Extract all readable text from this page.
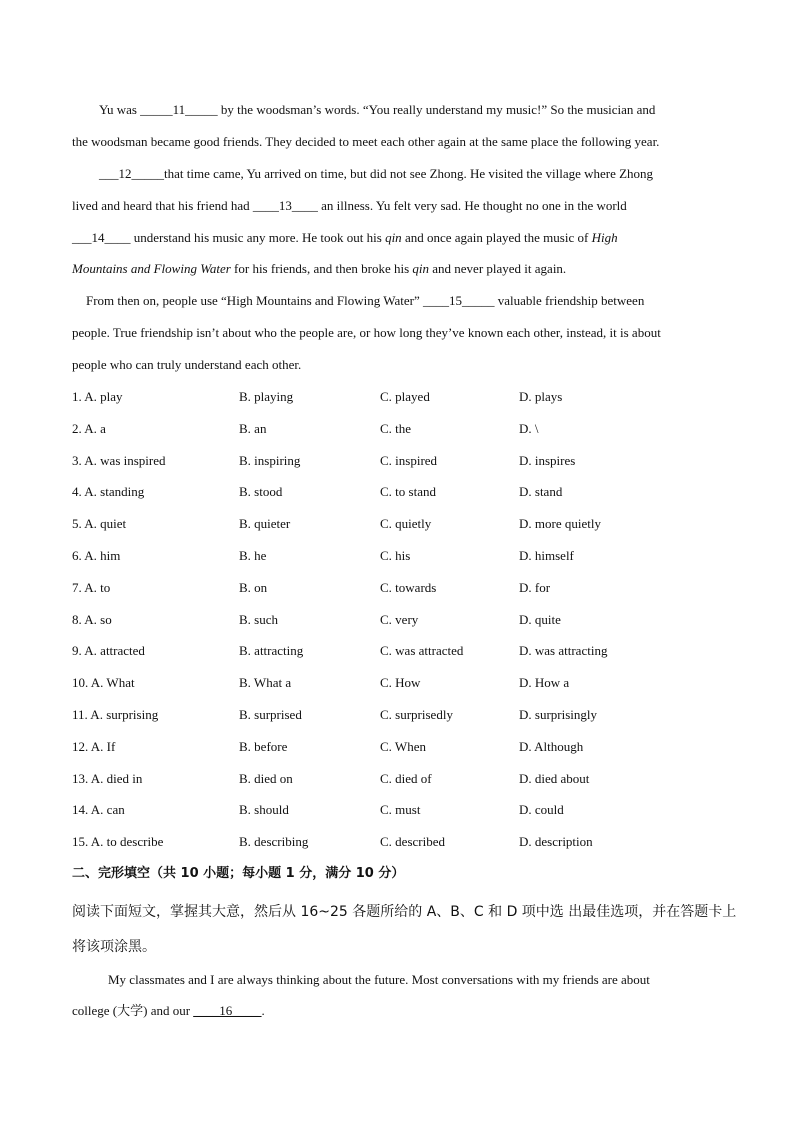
Yu was _____11_____ by the woodsman’s words. “You really understand my music!” So the musician and
the woodsman became good friends. They decided to meet each other again at the same place the following year.
___12_____that time came, Yu arrived on time, but did not see Zhong. He visited the village where Zhong
lived and heard that his friend had ____13____ an illness. Yu felt very sad. He thought no one in the world
___14____ understand his music any more. He took out his qin and once again played the music of High
Mountains and Flowing Water for his friends, and then broke his qin and never played it again.
From then on, people use “High Mountains and Flowing Water” ____15_____ valuable friendship between
people. True friendship isn’t about who the people are, or how long they’ve known each other, instead, it is about
people who can truly understand each other.
1. A. play	B. playing	C. played	D. plays
2. A. a	B. an	C. the	D. \
3. A. was inspired	B. inspiring	C. inspired	D. inspires
4. A. standing	B. stood	C. to stand	D. stand
5. A. quiet	B. quieter	C. quietly	D. more quietly
6. A. him	B. he	C. his	D. himself
7. A. to	B. on	C. towards	D. for
8. A. so	B. such	C. very	D. quite
9. A. attracted	B. attracting	C. was attracted	D. was attracting
10. A. What	B. What a	C. How	D. How a
11. A. surprising	B. surprised	C. surprisedly	D. surprisingly
12. A. If	B. before	C. When	D. Although
13. A. died in	B. died on	C. died of	D. died about
14. A. can	B. should	C. must	D. could
15. A. to describe	B. describing	C. described	D. description
二、完形填空（共 10 小题；每小题 1 分，满分 10 分）
阅读下面短文，掌握其大意，然后从 16~25 各题所给的 A、B、C 和 D 项中选 出最佳选项，并在答题卡上
将该项涂黑。
My classmates and I are always thinking about the future. Most conversations with my friends are about
college (大学) and our ____16____ .
